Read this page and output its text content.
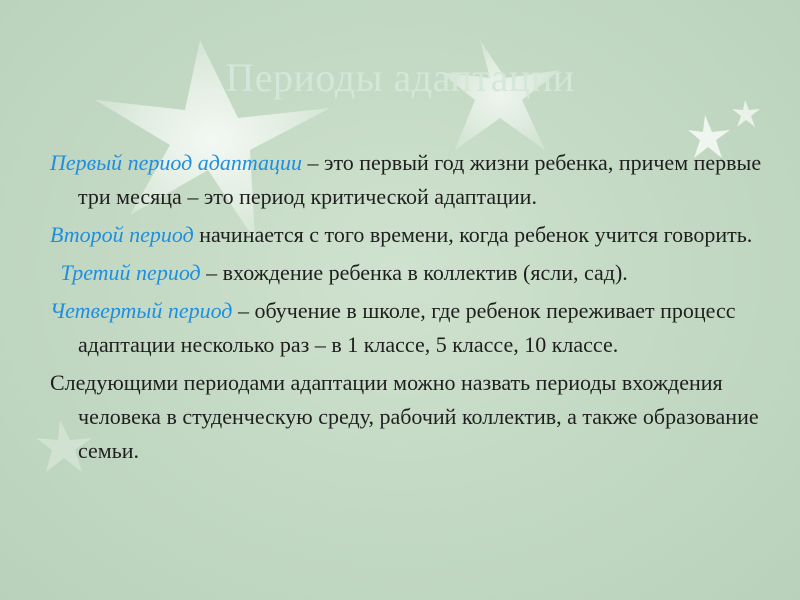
Периоды адаптации

Первый период адаптации – это первый год жизни ребенка, причем первые три месяца – это период критической адаптации.

Второй период начинается с того времени, когда ребенок учится говорить.

Третий период – вхождение ребенка в коллектив (ясли, сад).

Четвертый период – обучение в школе, где ребенок переживает процесс адаптации несколько раз – в 1 классе, 5 классе, 10 классе.

Следующими периодами адаптации можно назвать периоды вхождения человека в студенческую среду, рабочий коллектив, а также образование семьи.
